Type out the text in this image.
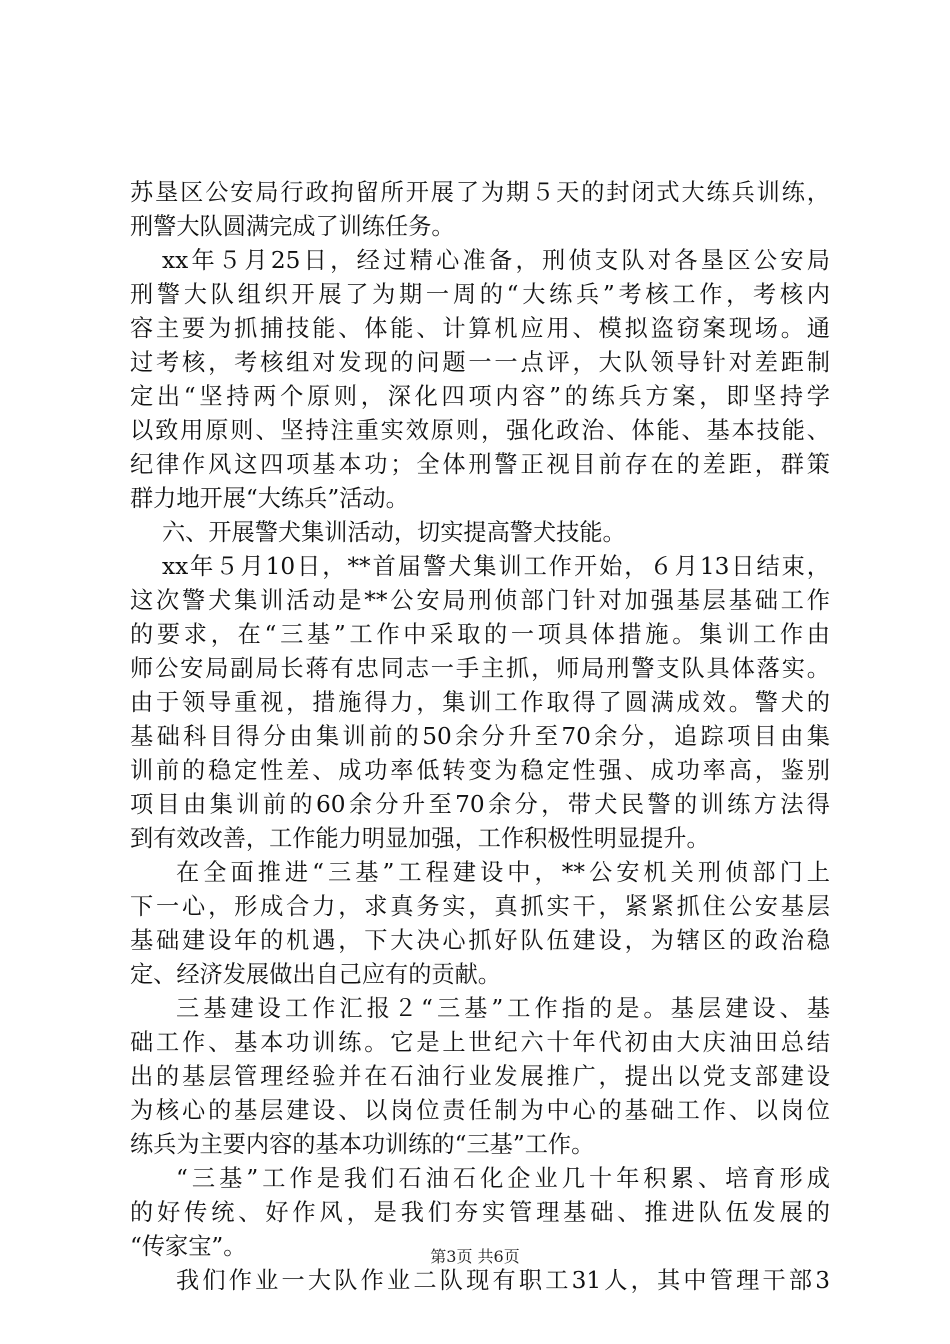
苏垦区公安局行政拘留所开展了为期５天的封闭式大练兵训练，
刑警大队圆满完成了训练任务。
xx年５月25日，经过精心准备，刑侦支队对各垦区公安局
刑警大队组织开展了为期一周的“大练兵”考核工作，考核内
容主要为抓捕技能、体能、计算机应用、模拟盗窃案现场。通
过考核，考核组对发现的问题一一点评，大队领导针对差距制
定出“坚持两个原则，深化四项内容”的练兵方案，即坚持学
以致用原则、坚持注重实效原则，强化政治、体能、基本技能、
纪律作风这四项基本功；全体刑警正视目前存在的差距，群策
群力地开展“大练兵”活动。
六、开展警犬集训活动，切实提高警犬技能。
xx年５月10日，**首届警犬集训工作开始，６月13日结束，
这次警犬集训活动是**公安局刑侦部门针对加强基层基础工作
的要求，在“三基”工作中采取的一项具体措施。集训工作由
师公安局副局长蒋有忠同志一手主抓，师局刑警支队具体落实。
由于领导重视，措施得力，集训工作取得了圆满成效。警犬的
基础科目得分由集训前的50余分升至70余分，追踪项目由集
训前的稳定性差、成功率低转变为稳定性强、成功率高，鉴别
项目由集训前的60余分升至70余分，带犬民警的训练方法得
到有效改善，工作能力明显加强，工作积极性明显提升。
在全面推进“三基”工程建设中，**公安机关刑侦部门上
下一心，形成合力，求真务实，真抓实干，紧紧抓住公安基层
基础建设年的机遇，下大决心抓好队伍建设，为辖区的政治稳
定、经济发展做出自己应有的贡献。
三基建设工作汇报２“三基”工作指的是。基层建设、基
础工作、基本功训练。它是上世纪六十年代初由大庆油田总结
出的基层管理经验并在石油行业发展推广，提出以党支部建设
为核心的基层建设、以岗位责任制为中心的基础工作、以岗位
练兵为主要内容的基本功训练的“三基”工作。
“三基”工作是我们石油石化企业几十年积累、培育形成
的好传统、好作风，是我们夯实管理基础、推进队伍发展的
“传家宝”。
我们作业一大队作业二队现有职工31人，其中管理干部3
第3页 共6页
